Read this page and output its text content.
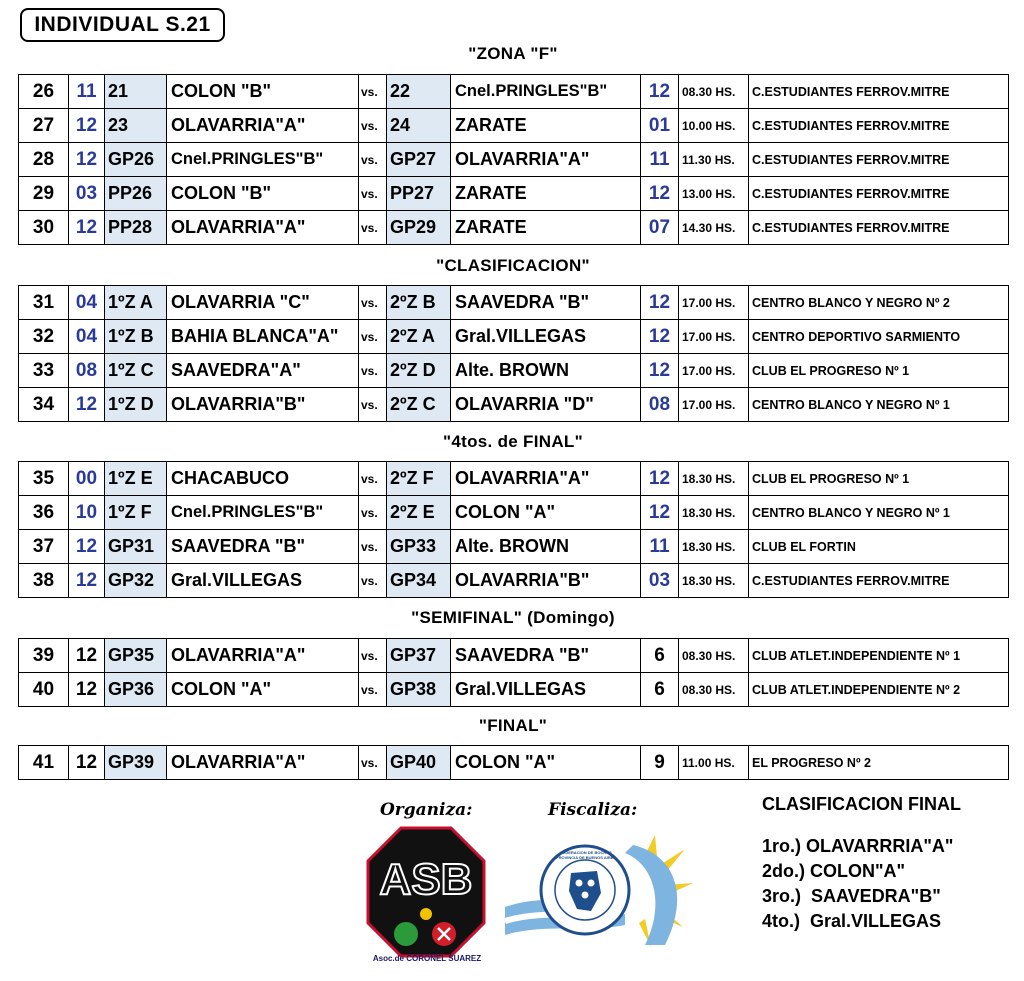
INDIVIDUAL S.21
"ZONA "F"
"CLASIFICACION"
"4tos. de FINAL"
"SEMIFINAL" (Domingo)
"FINAL"
26	11	21	COLON "B"	vs.	22	Cnel.PRINGLES"B"	12	08.30 HS.	C.ESTUDIANTES FERROV.MITRE
27	12	23	OLAVARRIA"A"	vs.	24	ZARATE	01	10.00 HS.	C.ESTUDIANTES FERROV.MITRE
28	12	GP26	Cnel.PRINGLES"B"	vs.	GP27	OLAVARRIA"A"	11	11.30 HS.	C.ESTUDIANTES FERROV.MITRE
29	03	PP26	COLON "B"	vs.	PP27	ZARATE	12	13.00 HS.	C.ESTUDIANTES FERROV.MITRE
30	12	PP28	OLAVARRIA"A"	vs.	GP29	ZARATE	07	14.30 HS.	C.ESTUDIANTES FERROV.MITRE
31	04	1ºZ A	OLAVARRIA "C"	vs.	2ºZ B	SAAVEDRA "B"	12	17.00 HS.	CENTRO BLANCO Y NEGRO Nº 2
32	04	1ºZ B	BAHIA BLANCA"A"	vs.	2ºZ A	Gral.VILLEGAS	12	17.00 HS.	CENTRO DEPORTIVO SARMIENTO
33	08	1ºZ C	SAAVEDRA"A"	vs.	2ºZ D	Alte. BROWN	12	17.00 HS.	CLUB EL PROGRESO Nº 1
34	12	1ºZ D	OLAVARRIA"B"	vs.	2ºZ C	OLAVARRIA "D"	08	17.00 HS.	CENTRO BLANCO Y NEGRO Nº 1
35	00	1ºZ E	CHACABUCO	vs.	2ºZ F	OLAVARRIA"A"	12	18.30 HS.	CLUB EL PROGRESO Nº 1
36	10	1ºZ F	Cnel.PRINGLES"B"	vs.	2ºZ E	COLON "A"	12	18.30 HS.	CENTRO BLANCO Y NEGRO Nº 1
37	12	GP31	SAAVEDRA "B"	vs.	GP33	Alte. BROWN	11	18.30 HS.	CLUB EL FORTIN
38	12	GP32	Gral.VILLEGAS	vs.	GP34	OLAVARRIA"B"	03	18.30 HS.	C.ESTUDIANTES FERROV.MITRE
39	12	GP35	OLAVARRIA"A"	vs.	GP37	SAAVEDRA "B"	6	08.30 HS.	CLUB ATLET.INDEPENDIENTE Nº 1
40	12	GP36	COLON "A"	vs.	GP38	Gral.VILLEGAS	6	08.30 HS.	CLUB ATLET.INDEPENDIENTE Nº 2
41	12	GP39	OLAVARRIA"A"	vs.	GP40	COLON "A"	9	11.00 HS.	EL PROGRESO Nº 2
Organiza:
ASB
Asoc.de CORONEL SUAREZ
Fiscaliza:
FEDERACION DE BOCHAS PROVINCIA DE BUENOS AIRES
CLASIFICACION FINAL
1ro.) OLAVARRRIA"A"
2do.) COLON"A"
3ro.)  SAAVEDRA"B"
4to.)  Gral.VILLEGAS
